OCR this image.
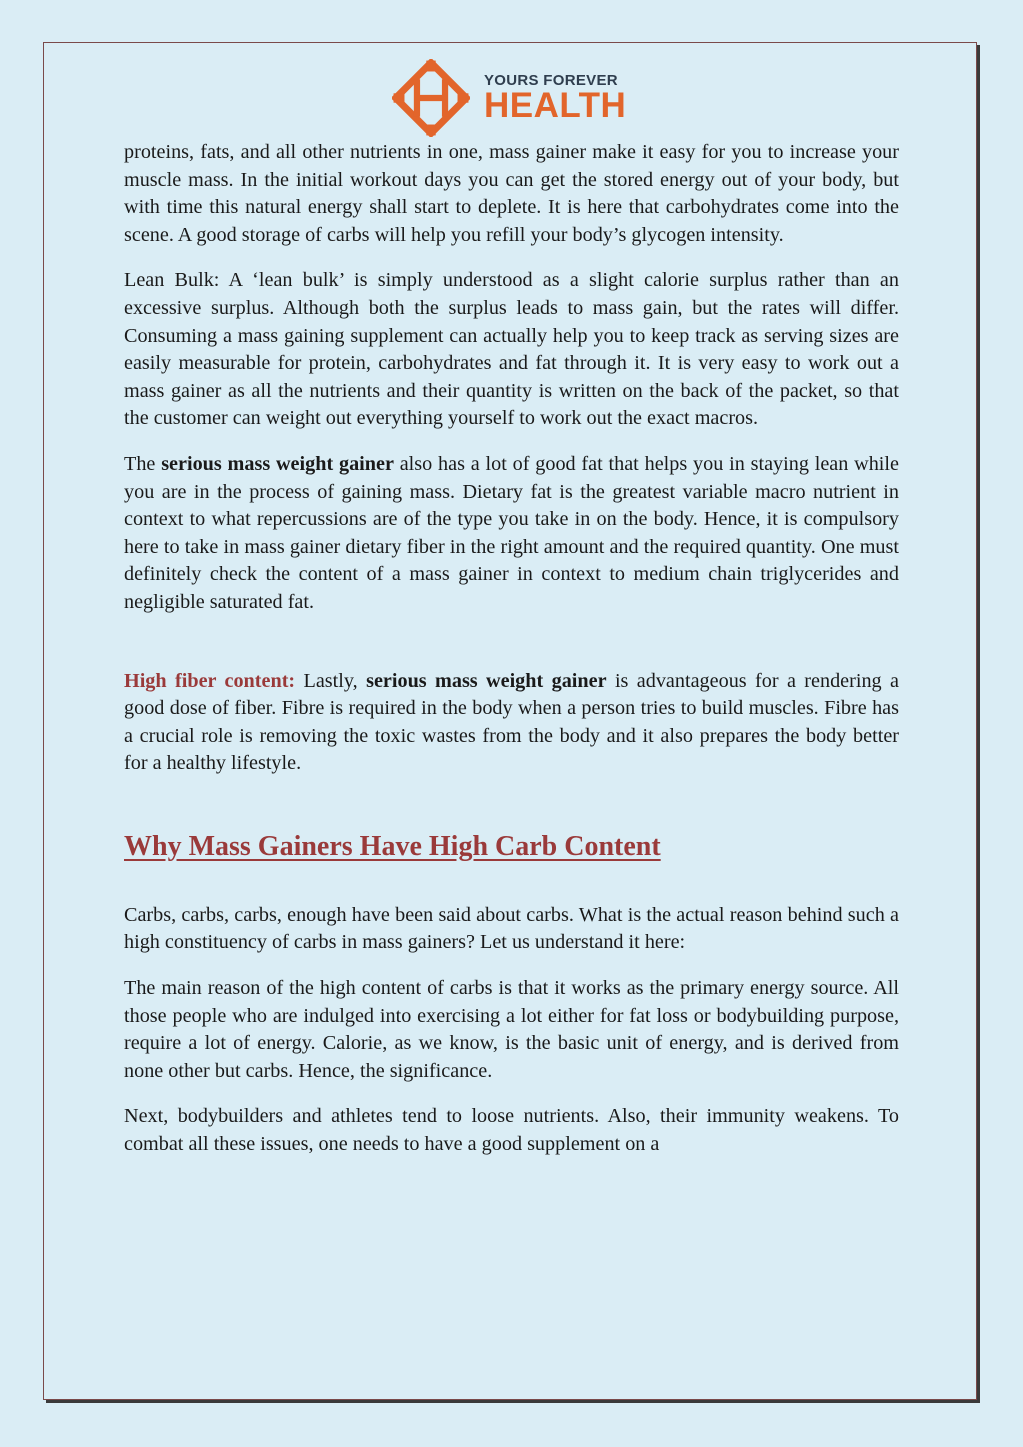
YOURS FOREVER
HEALTH

proteins, fats, and all other nutrients in one, mass gainer make it easy for you to increase your muscle mass. In the initial workout days you can get the stored energy out of your body, but with time this natural energy shall start to deplete. It is here that carbohydrates come into the scene. A good storage of carbs will help you refill your body’s glycogen intensity.

Lean Bulk: A ‘lean bulk’ is simply understood as a slight calorie surplus rather than an excessive surplus. Although both the surplus leads to mass gain, but the rates will differ. Consuming a mass gaining supplement can actually help you to keep track as serving sizes are easily measurable for protein, carbohydrates and fat through it. It is very easy to work out a mass gainer as all the nutrients and their quantity is written on the back of the packet, so that the customer can weight out everything yourself to work out the exact macros.

The serious mass weight gainer also has a lot of good fat that helps you in staying lean while you are in the process of gaining mass. Dietary fat is the greatest variable macro nutrient in context to what repercussions are of the type you take in on the body. Hence, it is compulsory here to take in mass gainer dietary fiber in the right amount and the required quantity. One must definitely check the content of a mass gainer in context to medium chain triglycerides and negligible saturated fat.

High fiber content: Lastly, serious mass weight gainer is advantageous for a rendering a good dose of fiber. Fibre is required in the body when a person tries to build muscles. Fibre has a crucial role is removing the toxic wastes from the body and it also prepares the body better for a healthy lifestyle.

Why Mass Gainers Have High Carb Content

Carbs, carbs, carbs, enough have been said about carbs. What is the actual reason behind such a high constituency of carbs in mass gainers? Let us understand it here:

The main reason of the high content of carbs is that it works as the primary energy source. All those people who are indulged into exercising a lot either for fat loss or bodybuilding purpose, require a lot of energy. Calorie, as we know, is the basic unit of energy, and is derived from none other but carbs. Hence, the significance.

Next, bodybuilders and athletes tend to loose nutrients. Also, their immunity weakens. To combat all these issues, one needs to have a good supplement on a
